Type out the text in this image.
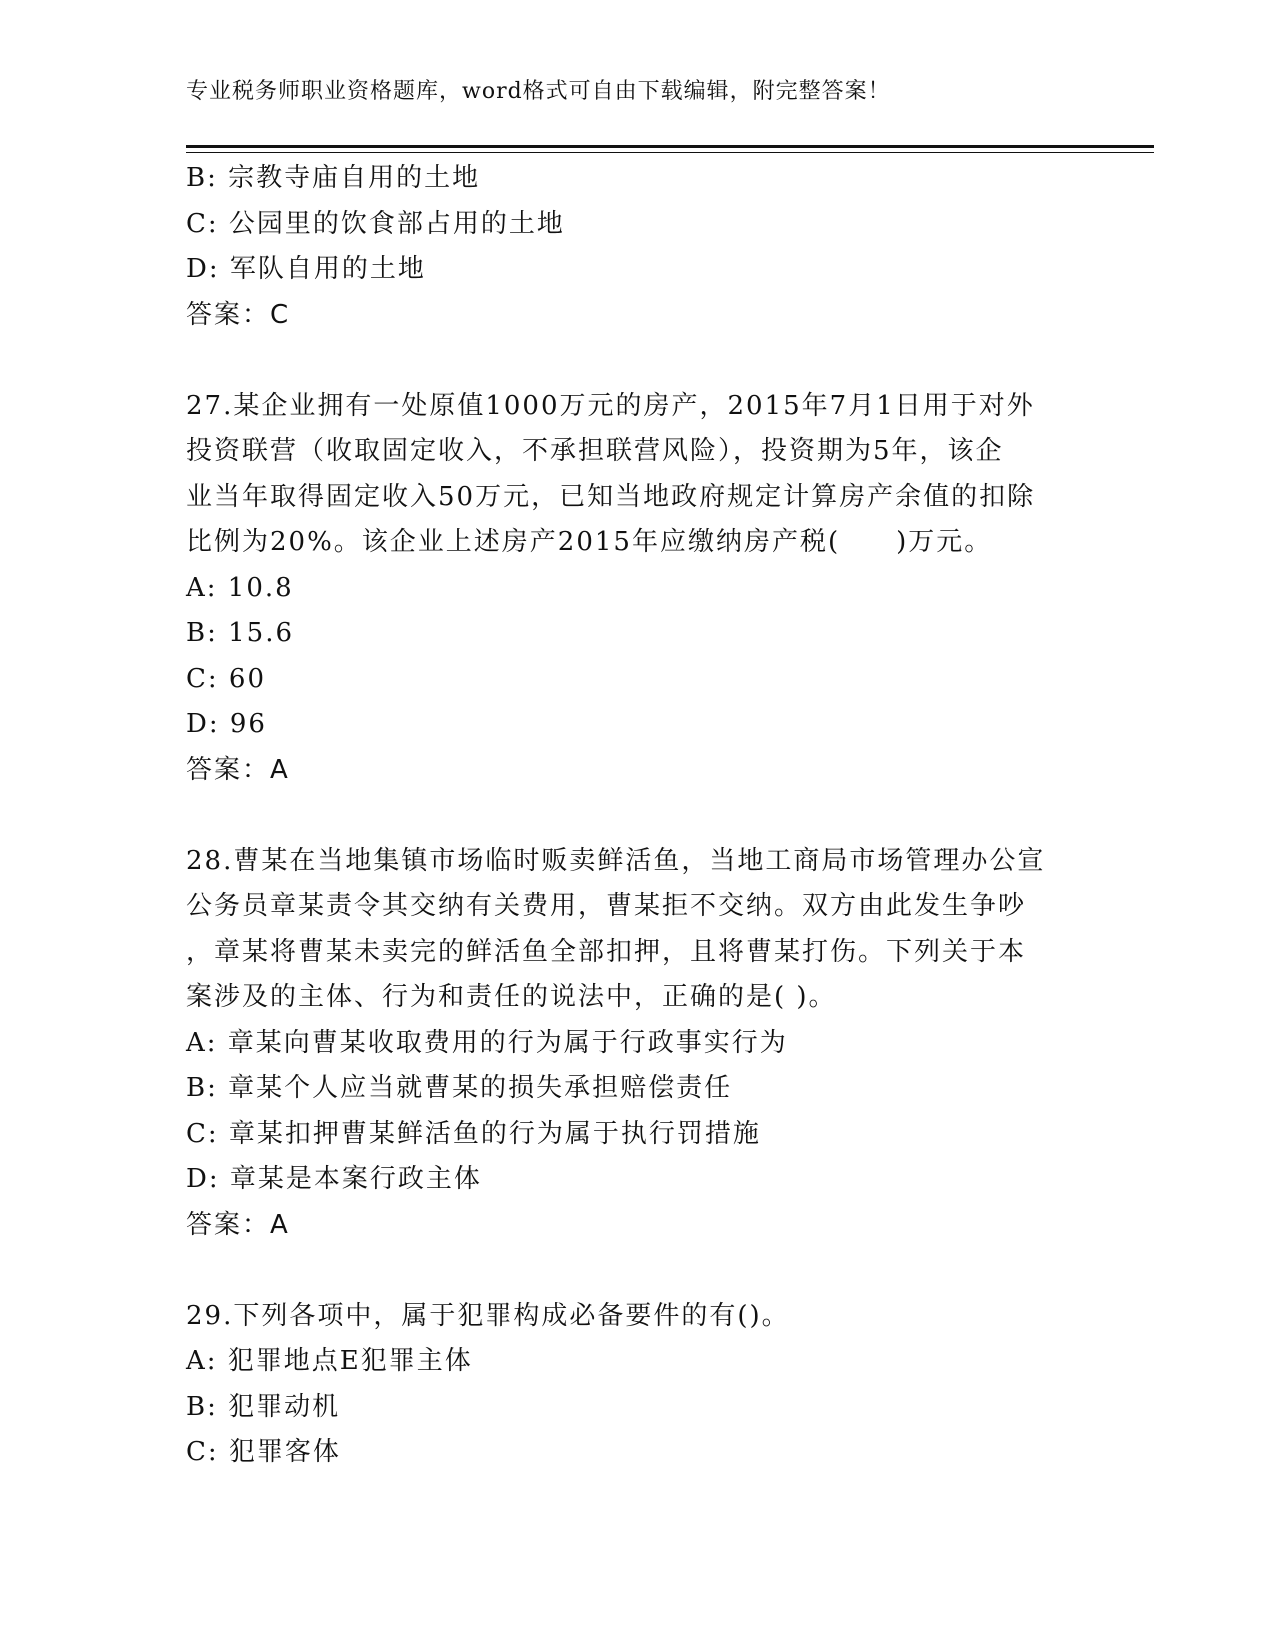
专业税务师职业资格题库，word格式可自由下载编辑，附完整答案！
B: 宗教寺庙自用的土地
C: 公园里的饮食部占用的土地
D: 军队自用的土地
答案：C
27.某企业拥有一处原值1000万元的房产，2015年7月1日用于对外
投资联营（收取固定收入，不承担联营风险），投资期为5年，该企
业当年取得固定收入50万元，已知当地政府规定计算房产余值的扣除
比例为20%。该企业上述房产2015年应缴纳房产税(　　)万元。
A: 10.8
B: 15.6
C: 60
D: 96
答案：A
28.曹某在当地集镇市场临时贩卖鲜活鱼，当地工商局市场管理办公宣
公务员章某责令其交纳有关费用，曹某拒不交纳。双方由此发生争吵
，章某将曹某未卖完的鲜活鱼全部扣押，且将曹某打伤。下列关于本
案涉及的主体、行为和责任的说法中，正确的是( )。
A: 章某向曹某收取费用的行为属于行政事实行为
B: 章某个人应当就曹某的损失承担赔偿责任
C: 章某扣押曹某鲜活鱼的行为属于执行罚措施
D: 章某是本案行政主体
答案：A
29.下列各项中，属于犯罪构成必备要件的有()。
A: 犯罪地点E犯罪主体
B: 犯罪动机
C: 犯罪客体
